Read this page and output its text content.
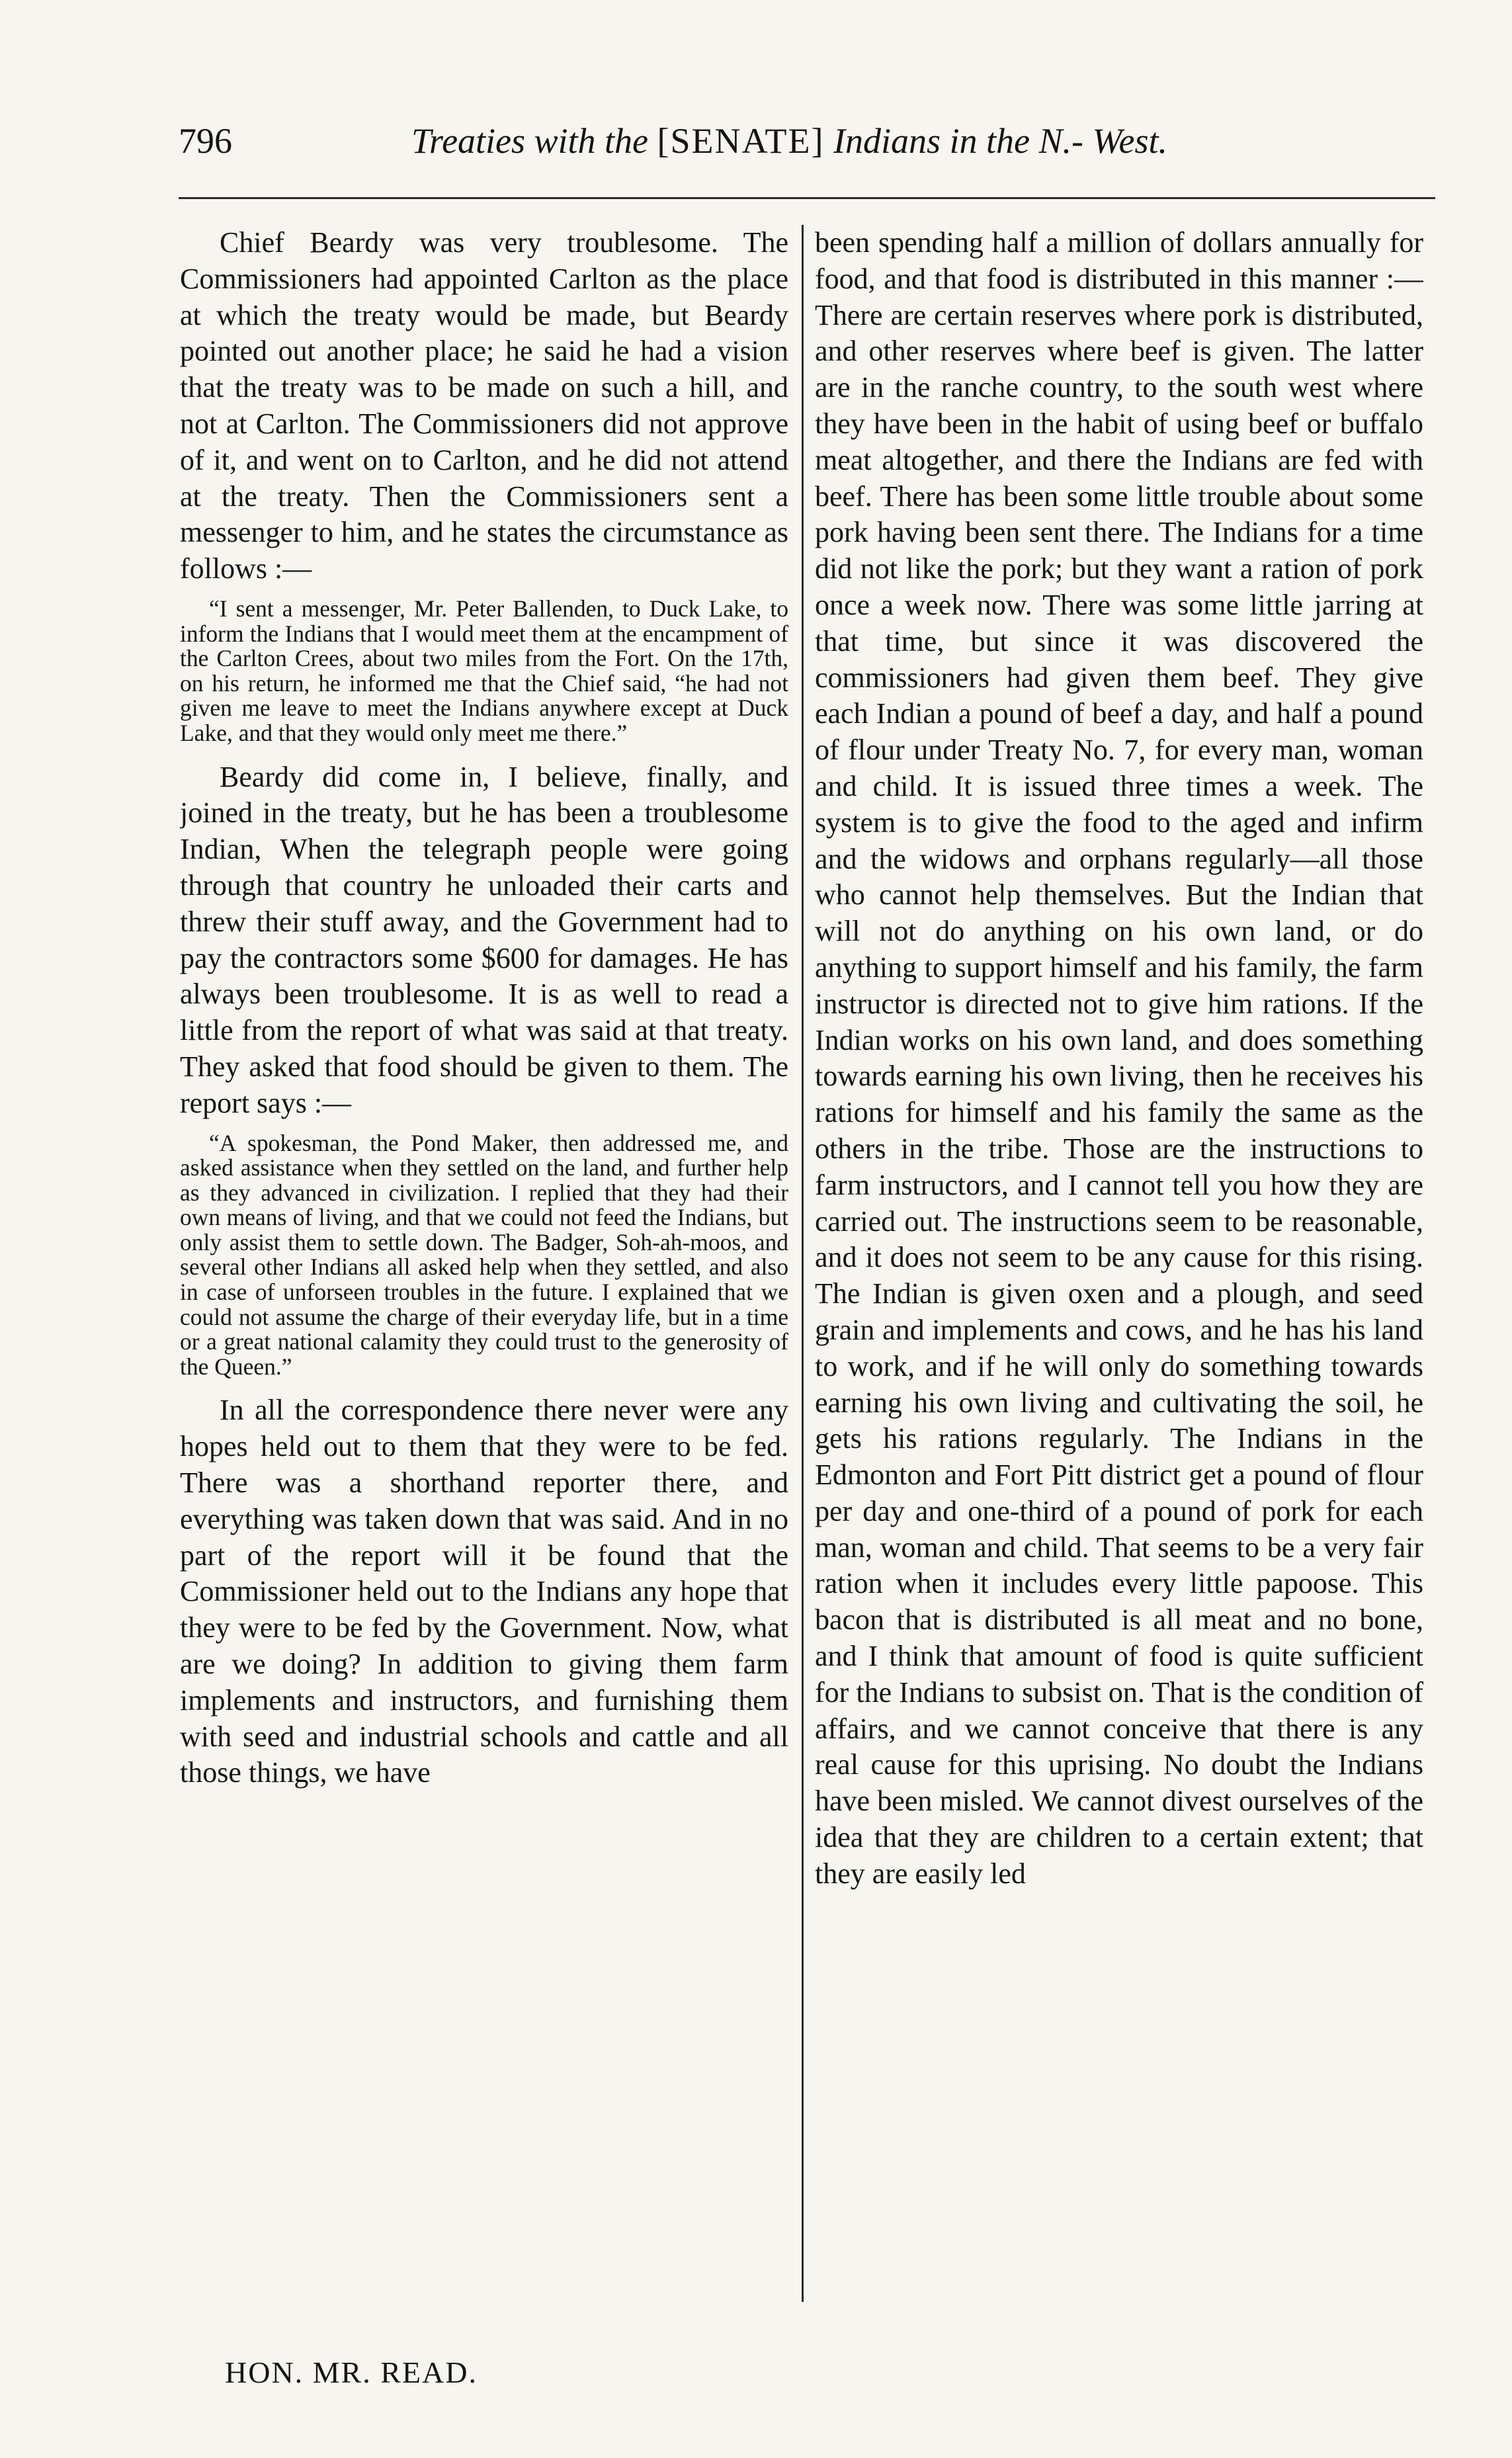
796	Treaties with the [SENATE] Indians in the N.- West.

Chief Beardy was very troublesome. The Commissioners had appointed Carlton as the place at which the treaty would be made, but Beardy pointed out another place; he said he had a vision that the treaty was to be made on such a hill, and not at Carlton. The Commissioners did not approve of it, and went on to Carlton, and he did not attend at the treaty. Then the Commissioners sent a messenger to him, and he states the circumstance as follows :—

“I sent a messenger, Mr. Peter Ballenden, to Duck Lake, to inform the Indians that I would meet them at the encampment of the Carlton Crees, about two miles from the Fort. On the 17th, on his return, he informed me that the Chief said, “he had not given me leave to meet the Indians anywhere except at Duck Lake, and that they would only meet me there.”

Beardy did come in, I believe, finally, and joined in the treaty, but he has been a troublesome Indian, When the telegraph people were going through that country he unloaded their carts and threw their stuff away, and the Government had to pay the contractors some $600 for damages. He has always been troublesome. It is as well to read a little from the report of what was said at that treaty. They asked that food should be given to them. The report says :—

“A spokesman, the Pond Maker, then addressed me, and asked assistance when they settled on the land, and further help as they advanced in civilization. I replied that they had their own means of living, and that we could not feed the Indians, but only assist them to settle down. The Badger, Soh-ah-moos, and several other Indians all asked help when they settled, and also in case of unforseen troubles in the future. I explained that we could not assume the charge of their everyday life, but in a time or a great national calamity they could trust to the generosity of the Queen.”

In all the correspondence there never were any hopes held out to them that they were to be fed. There was a shorthand reporter there, and everything was taken down that was said. And in no part of the report will it be found that the Commissioner held out to the Indians any hope that they were to be fed by the Government. Now, what are we doing? In addition to giving them farm implements and instructors, and furnishing them with seed and industrial schools and cattle and all those things, we have

been spending half a million of dollars annually for food, and that food is distributed in this manner :—There are certain reserves where pork is distributed, and other reserves where beef is given. The latter are in the ranche country, to the south west where they have been in the habit of using beef or buffalo meat altogether, and there the Indians are fed with beef. There has been some little trouble about some pork having been sent there. The Indians for a time did not like the pork; but they want a ration of pork once a week now. There was some little jarring at that time, but since it was discovered the commissioners had given them beef. They give each Indian a pound of beef a day, and half a pound of flour under Treaty No. 7, for every man, woman and child. It is issued three times a week. The system is to give the food to the aged and infirm and the widows and orphans regularly—all those who cannot help themselves. But the Indian that will not do anything on his own land, or do anything to support himself and his family, the farm instructor is directed not to give him rations. If the Indian works on his own land, and does something towards earning his own living, then he receives his rations for himself and his family the same as the others in the tribe. Those are the instructions to farm instructors, and I cannot tell you how they are carried out. The instructions seem to be reasonable, and it does not seem to be any cause for this rising. The Indian is given oxen and a plough, and seed grain and implements and cows, and he has his land to work, and if he will only do something towards earning his own living and cultivating the soil, he gets his rations regularly. The Indians in the Edmonton and Fort Pitt district get a pound of flour per day and one-third of a pound of pork for each man, woman and child. That seems to be a very fair ration when it includes every little papoose. This bacon that is distributed is all meat and no bone, and I think that amount of food is quite sufficient for the Indians to subsist on. That is the condition of affairs, and we cannot conceive that there is any real cause for this uprising. No doubt the Indians have been misled. We cannot divest ourselves of the idea that they are children to a certain extent; that they are easily led

HON. MR. READ.
